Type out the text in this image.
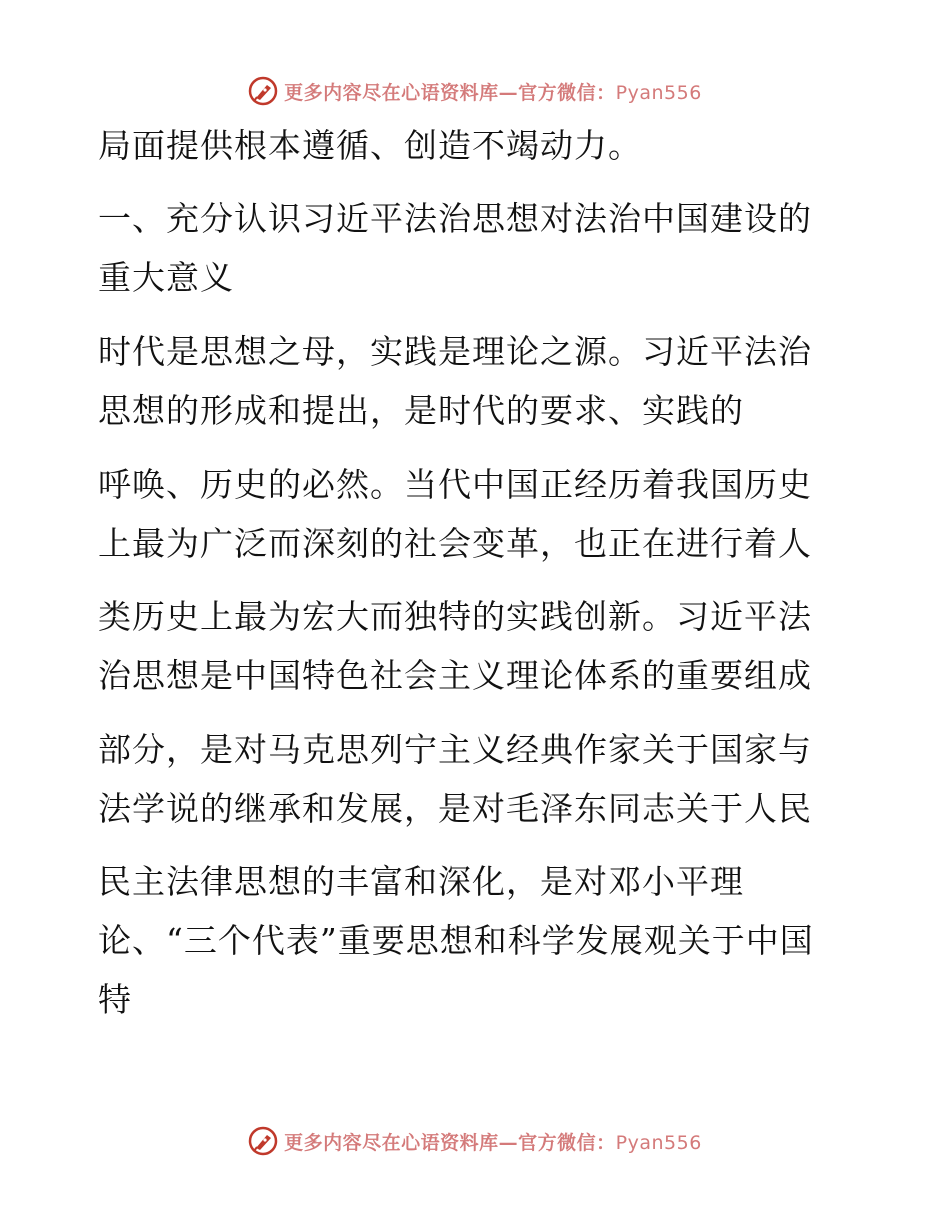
更多内容尽在心语资料库—官方微信：Pyan556
局面提供根本遵循、创造不竭动力。
一、充分认识习近平法治思想对法治中国建设的
重大意义
时代是思想之母，实践是理论之源。习近平法治
思想的形成和提出，是时代的要求、实践的
呼唤、历史的必然。当代中国正经历着我国历史
上最为广泛而深刻的社会变革，也正在进行着人
类历史上最为宏大而独特的实践创新。习近平法
治思想是中国特色社会主义理论体系的重要组成
部分，是对马克思列宁主义经典作家关于国家与
法学说的继承和发展，是对毛泽东同志关于人民
民主法律思想的丰富和深化，是对邓小平理
论、“三个代表”重要思想和科学发展观关于中国
特
更多内容尽在心语资料库—官方微信：Pyan556
